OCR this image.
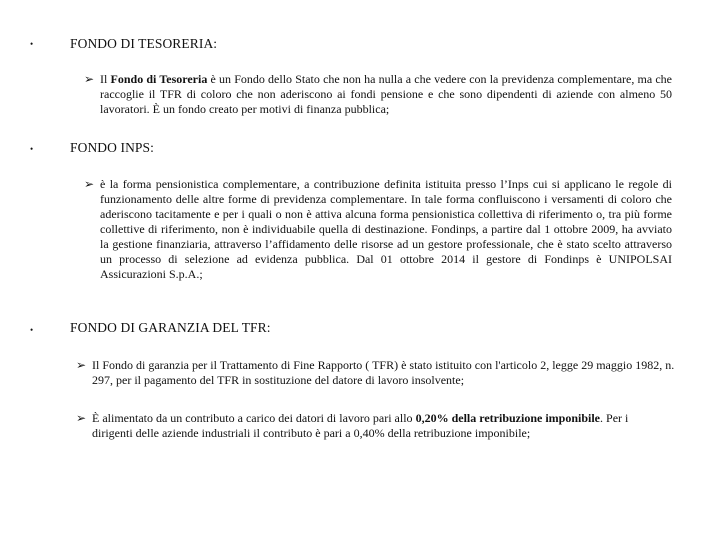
•	FONDO DI TESORERIA:
➢ Il Fondo di Tesoreria è un Fondo dello Stato che non ha nulla a che vedere con la previdenza complementare, ma che raccoglie il TFR di coloro che non aderiscono ai fondi pensione e che sono dipendenti di aziende con almeno 50 lavoratori. È un fondo creato per motivi di finanza pubblica;
•	FONDO INPS:
➢ è la forma pensionistica complementare, a contribuzione definita istituita presso l’Inps cui si applicano le regole di funzionamento delle altre forme di previdenza complementare. In tale forma confluiscono i versamenti di coloro che aderiscono tacitamente e per i quali o non è attiva alcuna forma pensionistica collettiva di riferimento o, tra più forme collettive di riferimento, non è individuabile quella di destinazione. Fondinps, a partire dal 1 ottobre 2009, ha avviato la gestione finanziaria, attraverso l’affidamento delle risorse ad un gestore professionale, che è stato scelto attraverso un processo di selezione ad evidenza pubblica. Dal 01 ottobre 2014 il gestore di Fondinps è UNIPOLSAI Assicurazioni S.p.A.;
•	FONDO DI GARANZIA DEL TFR:
➢ Il Fondo di garanzia per il Trattamento di Fine Rapporto ( TFR) è stato istituito con l'articolo 2, legge 29 maggio 1982, n. 297, per il pagamento del TFR in sostituzione del datore di lavoro insolvente;
➢ È alimentato da un contributo a carico dei datori di lavoro pari allo 0,20% della retribuzione imponibile. Per i dirigenti delle aziende industriali il contributo è pari a 0,40% della retribuzione imponibile;
